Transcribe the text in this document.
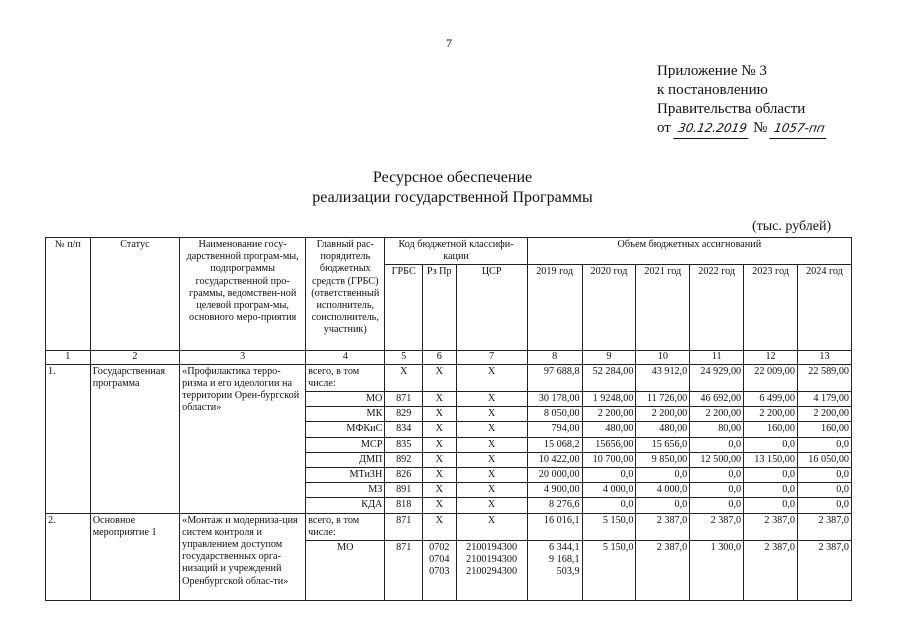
7
Приложение № 3
к постановлению
Правительства области
от 30.12.2019 № 1057-пп
Ресурсное обеспечение
реализации государственной Программы
(тыс. рублей)
№ п/п	Статус	Наименование госу-дарственной програм-мы, подпрограммы государственной про-граммы, ведомствен-ной целевой програм-мы, основного меро-приятия	Главный рас-порядитель бюджетных средств (ГРБС) (ответственный исполнитель, соисполнитель, участник)	Код бюджетной классифи-кации			Объем бюджетных ассигнований					
				ГРБС	Рз Пр	ЦСР	2019 год	2020 год	2021 год	2022 год	2023 год	2024 год
1	2	3	4	5	6	7	8	9	10	11	12	13
1.	Государственная программа	«Профилактика терро-ризма и его идеологии на территории Орен-бургской области»	всего, в том числе:	Х	Х	Х	97 688,8	52 284,00	43 912,0	24 929,00	22 009,00	22 589,00
			МО	871	Х	Х	30 178,00	1 9248,00	11 726,00	46 692,00	6 499,00	4 179,00
			МК	829	Х	Х	8 050,00	2 200,00	2 200,00	2 200,00	2 200,00	2 200,00
			МФКиС	834	Х	Х	794,00	480,00	480,00	80,00	160,00	160,00
			МСР	835	Х	Х	15 068,2	15656,00	15 656,0	0,0	0,0	0,0
			ДМП	892	Х	Х	10 422,00	10 700,00	9 850,00	12 500,00	13 150,00	16 050,00
			МТиЗН	826	Х	Х	20 000,00	0,0	0,0	0,0	0,0	0,0
			МЗ	891	Х	Х	4 900,00	4 000,0	4 000,0	0,0	0,0	0,0
			КДА	818	Х	Х	8 276,6	0,0	0,0	0,0	0,0	0,0
2.	Основное мероприятие 1	«Монтаж и модерниза-ция систем контроля и управлением доступом государственных орга-низаций и учреждений Оренбургской облас-ти»	всего, в том числе:	871	Х	Х	16 016,1	5 150,0	2 387,0	2 387,0	2 387,0	2 387,0
			МО	871	0702
0704
0703	2100194300
2100194300
2100294300	6 344,1
9 168,1
503,9	5 150,0	2 387,0	1 300,0	2 387,0	2 387,0
